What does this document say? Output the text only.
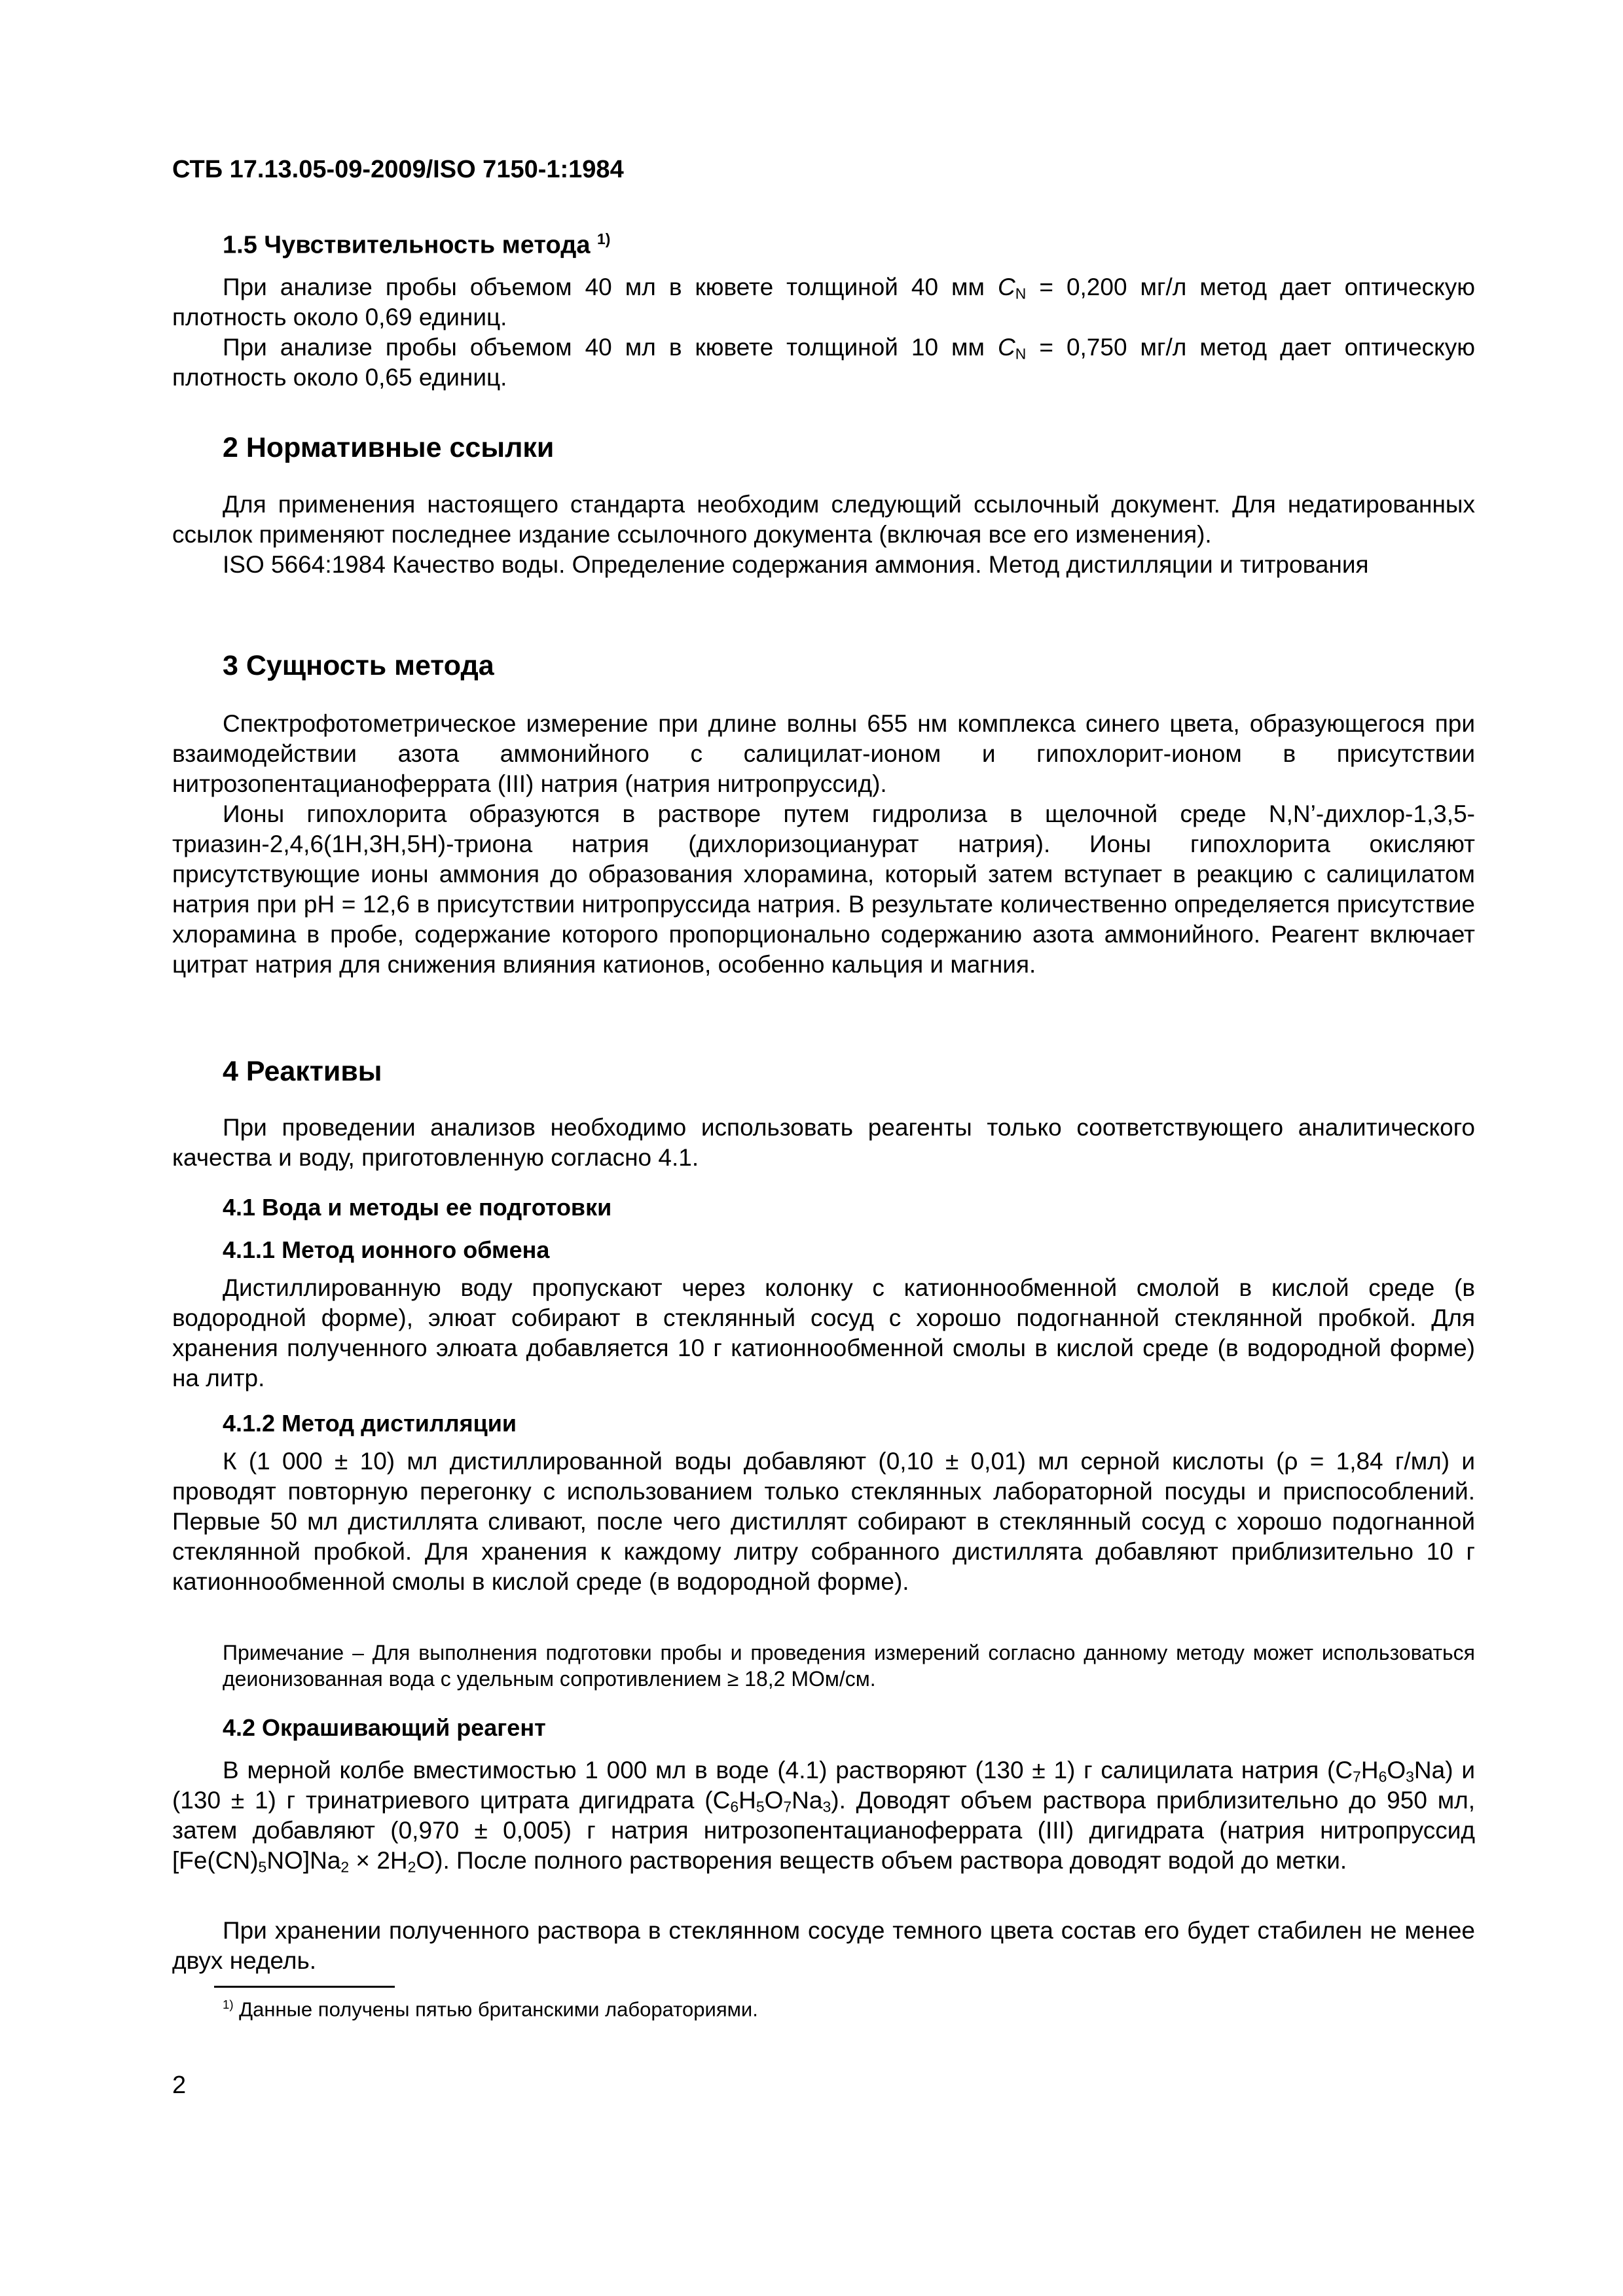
СТБ 17.13.05-09-2009/ISO 7150-1:1984
1.5 Чувствительность метода $^{1)}$
При анализе пробы объемом 40 мл в кювете толщиной 40 мм CN = 0,200 мг/л метод дает оптическую плотность около 0,69 единиц.
При анализе пробы объемом 40 мл в кювете толщиной 10 мм CN = 0,750 мг/л метод дает оптическую плотность около 0,65 единиц.
2 Нормативные ссылки
Для применения настоящего стандарта необходим следующий ссылочный документ. Для недатированных ссылок применяют последнее издание ссылочного документа (включая все его изменения).
ISO 5664:1984 Качество воды. Определение содержания аммония. Метод дистилляции и титрования
3 Сущность метода
Спектрофотометрическое измерение при длине волны 655 нм комплекса синего цвета, образующегося при взаимодействии азота аммонийного с салицилат-ионом и гипохлорит-ионом в присутствии нитрозопентацианоферрата (III) натрия (натрия нитропруссид).
Ионы гипохлорита образуются в растворе путем гидролиза в щелочной среде N,N’-дихлор-1,3,5-триазин-2,4,6(1H,3H,5H)-триона натрия (дихлоризоцианурат натрия). Ионы гипохлорита окисляют присутствующие ионы аммония до образования хлорамина, который затем вступает в реакцию с салицилатом натрия при pH = 12,6 в присутствии нитропруссида натрия. В результате количественно определяется присутствие хлорамина в пробе, содержание которого пропорционально содержанию азота аммонийного. Реагент включает цитрат натрия для снижения влияния катионов, особенно кальция и магния.
4 Реактивы
При проведении анализов необходимо использовать реагенты только соответствующего аналитического качества и воду, приготовленную согласно 4.1.
4.1 Вода и методы ее подготовки
4.1.1 Метод ионного обмена
Дистиллированную воду пропускают через колонку с катионнообменной смолой в кислой среде (в водородной форме), элюат собирают в стеклянный сосуд с хорошо подогнанной стеклянной пробкой. Для хранения полученного элюата добавляется 10 г катионнообменной смолы в кислой среде (в водородной форме) на литр.
4.1.2 Метод дистилляции
К (1 000 ± 10) мл дистиллированной воды добавляют (0,10 ± 0,01) мл серной кислоты (ρ = 1,84 г/мл) и проводят повторную перегонку с использованием только стеклянных лабораторной посуды и приспособлений. Первые 50 мл дистиллята сливают, после чего дистиллят собирают в стеклянный сосуд с хорошо подогнанной стеклянной пробкой. Для хранения к каждому литру собранного дистиллята добавляют приблизительно 10 г катионнообменной смолы в кислой среде (в водородной форме).
Примечание – Для выполнения подготовки пробы и проведения измерений согласно данному методу может использоваться деионизованная вода с удельным сопротивлением ≥ 18,2 МОм/см.
4.2 Окрашивающий реагент
В мерной колбе вместимостью 1 000 мл в воде (4.1) растворяют (130 ± 1) г салицилата натрия (C7H6O3Na) и (130 ± 1) г тринатриевого цитрата дигидрата (C6H5O7Na3). Доводят объем раствора приблизительно до 950 мл, затем добавляют (0,970 ± 0,005) г натрия нитрозопентацианоферрата (III) дигидрата (натрия нитропруссид [Fe(CN)5NO]Na2 × 2H2O). После полного растворения веществ объем раствора доводят водой до метки.
При хранении полученного раствора в стеклянном сосуде темного цвета состав его будет стабилен не менее двух недель.
$^{1)}$ Данные получены пятью британскими лабораториями.
2
